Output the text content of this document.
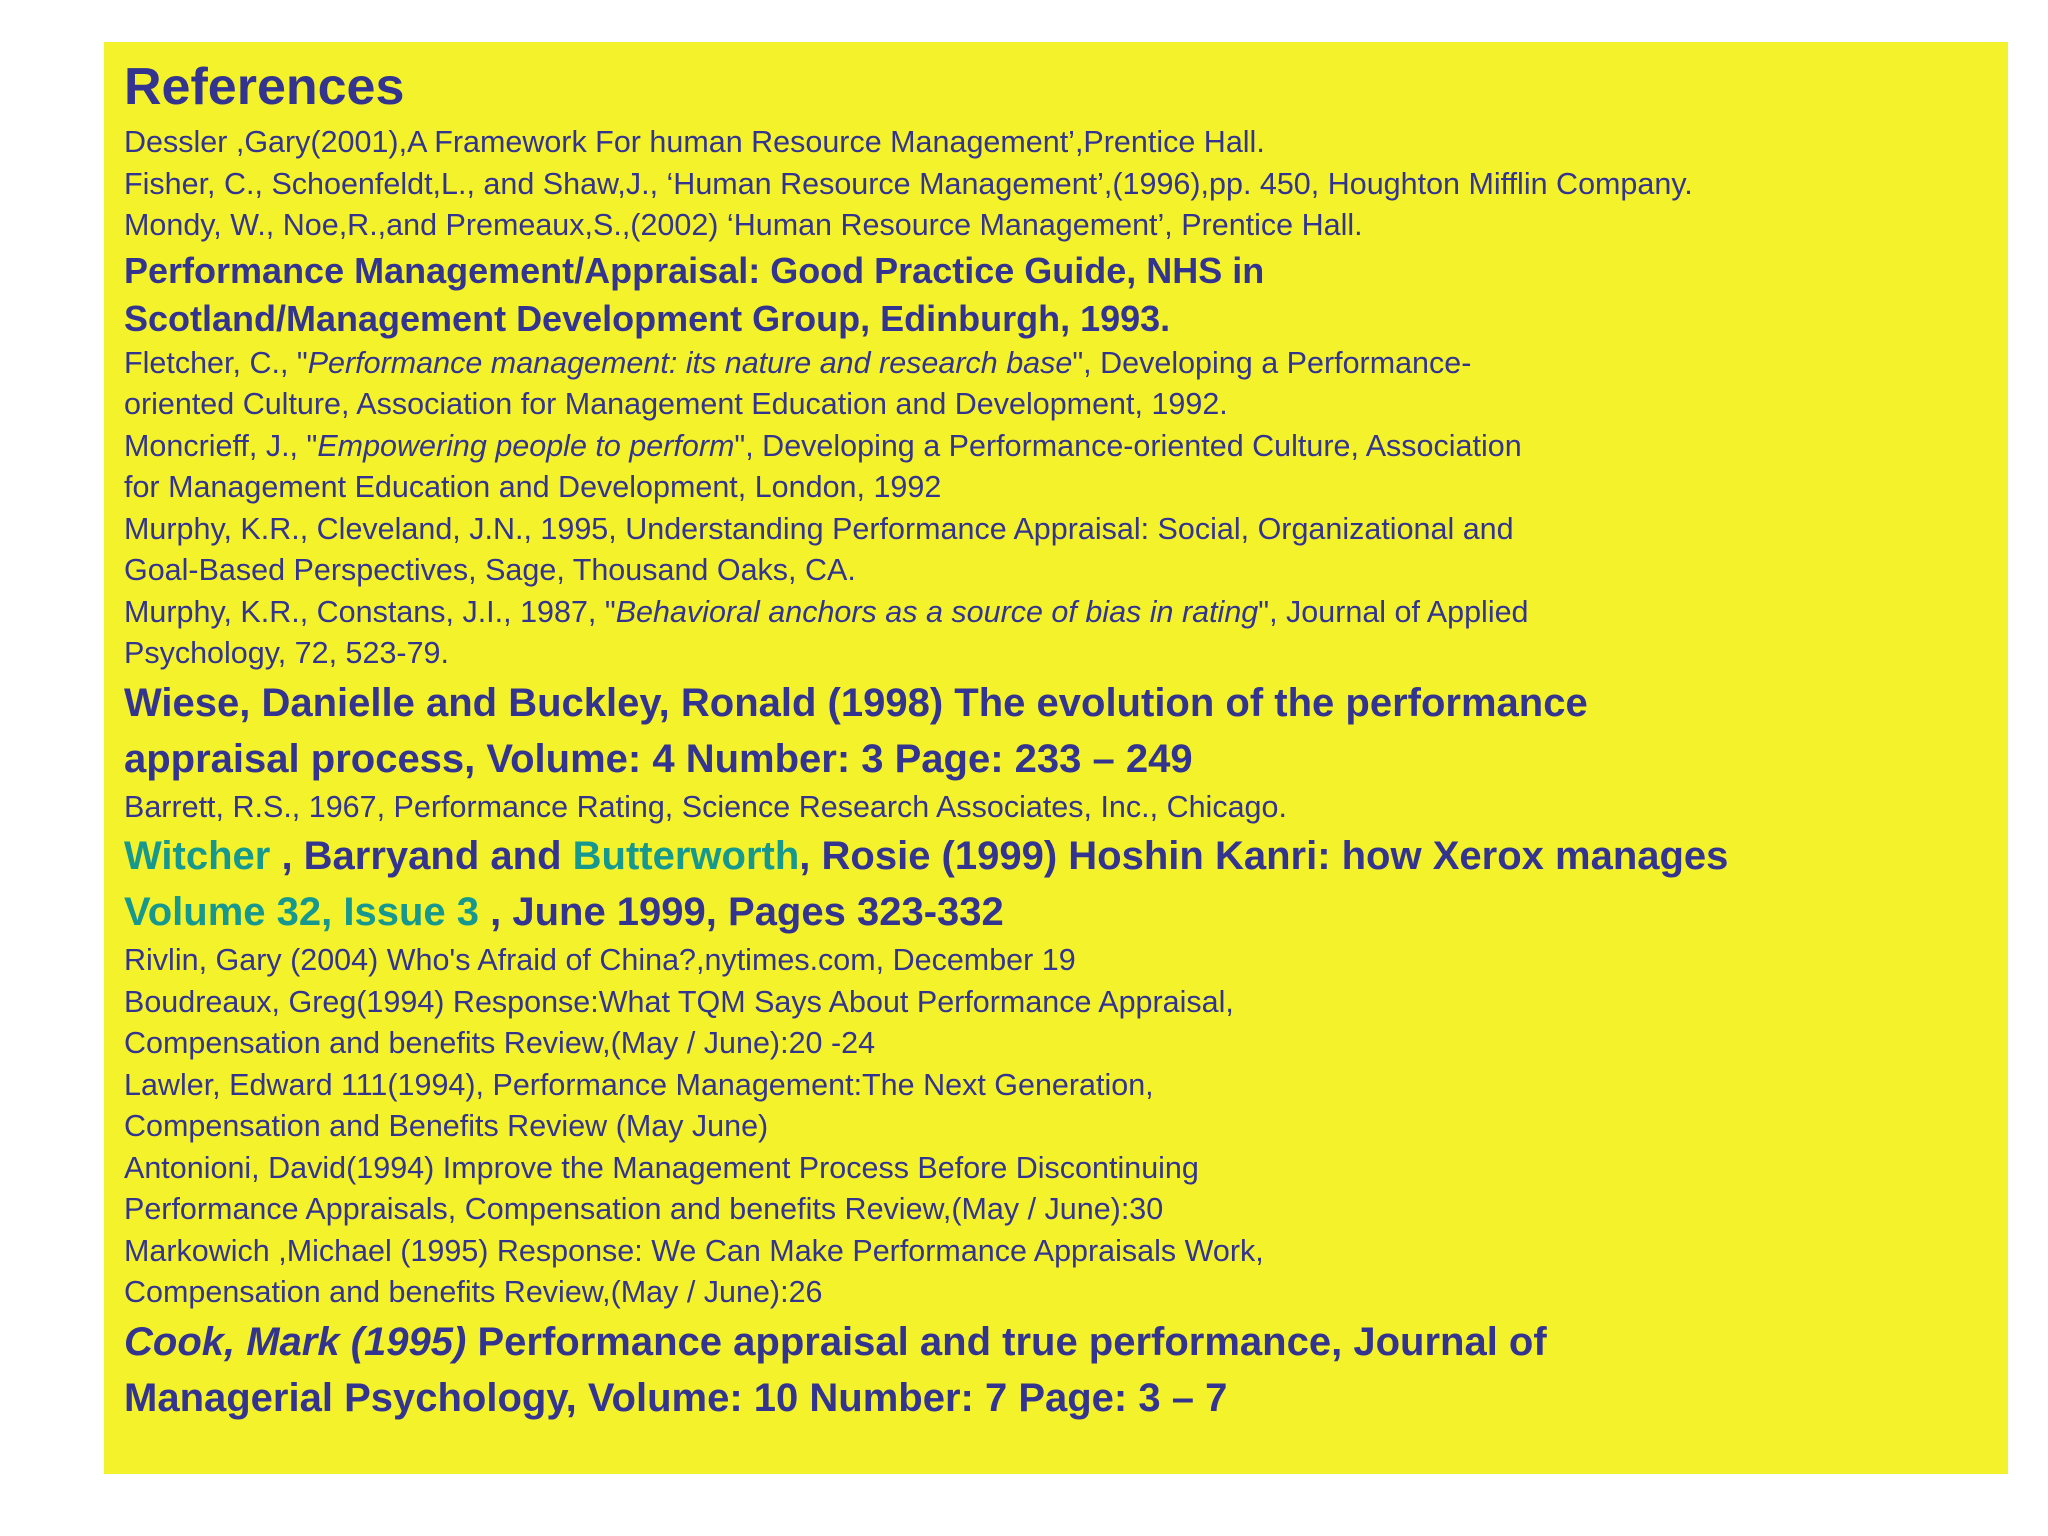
References

Dessler ,Gary(2001),A Framework For human Resource Management’,Prentice Hall.

Fisher, C., Schoenfeldt,L., and Shaw,J., ‘Human Resource Management’,(1996),pp. 450, Houghton Mifflin Company.

Mondy, W., Noe,R.,and Premeaux,S.,(2002) ‘Human Resource Management’, Prentice Hall.

Performance Management/Appraisal: Good Practice Guide, NHS in
Scotland/Management Development Group, Edinburgh, 1993.

Fletcher, C., "Performance management: its nature and research base", Developing a Performance-
oriented Culture, Association for Management Education and Development, 1992.

Moncrieff, J., "Empowering people to perform", Developing a Performance-oriented Culture, Association
for Management Education and Development, London, 1992

Murphy, K.R., Cleveland, J.N., 1995, Understanding Performance Appraisal: Social, Organizational and
Goal-Based Perspectives, Sage, Thousand Oaks, CA.

Murphy, K.R., Constans, J.I., 1987, "Behavioral anchors as a source of bias in rating", Journal of Applied
Psychology, 72, 523-79.

Wiese, Danielle and Buckley, Ronald (1998) The evolution of the performance
appraisal process, Volume: 4 Number: 3 Page: 233 – 249

Barrett, R.S., 1967, Performance Rating, Science Research Associates, Inc., Chicago.

Witcher , Barryand and Butterworth, Rosie (1999) Hoshin Kanri: how Xerox manages
Volume 32, Issue 3 , June 1999, Pages 323-332

Rivlin, Gary (2004) Who's Afraid of China?,nytimes.com, December 19

Boudreaux, Greg(1994) Response:What TQM Says About Performance Appraisal,
Compensation and benefits Review,(May / June):20 -24

Lawler, Edward 111(1994), Performance Management:The Next Generation,
Compensation and Benefits Review (May June)

Antonioni, David(1994) Improve the Management Process Before Discontinuing
Performance Appraisals, Compensation and benefits Review,(May / June):30

Markowich ,Michael (1995) Response: We Can Make Performance Appraisals Work,
Compensation and benefits Review,(May / June):26

Cook, Mark (1995) Performance appraisal and true performance, Journal of
Managerial Psychology, Volume: 10 Number: 7 Page: 3 – 7
